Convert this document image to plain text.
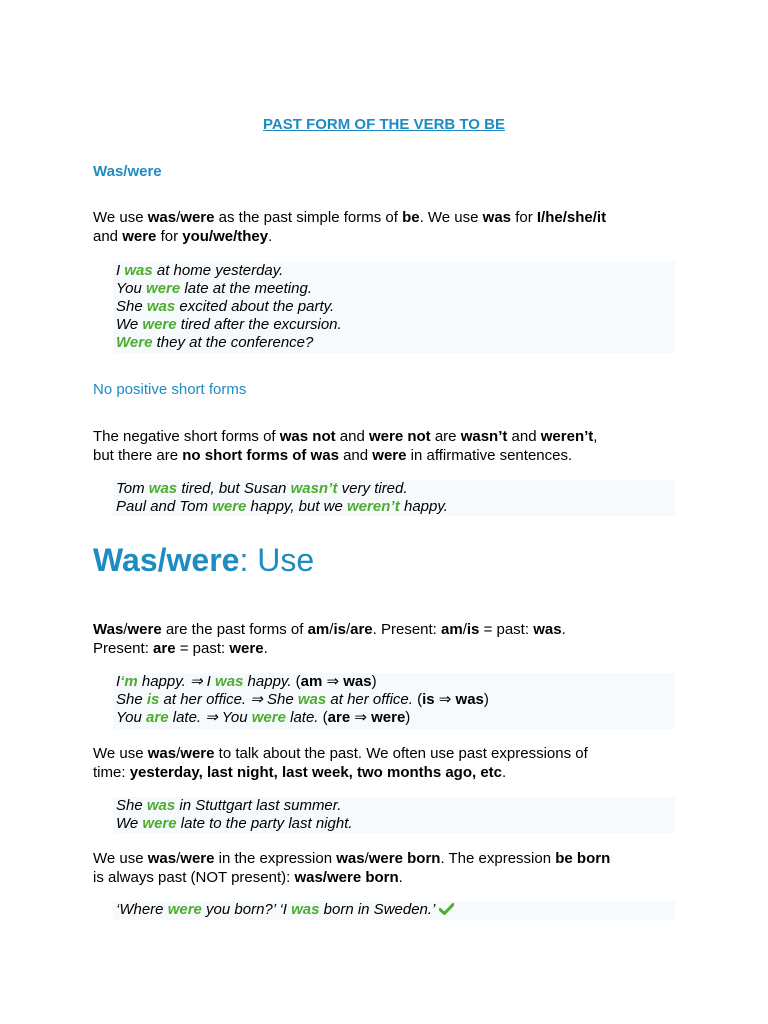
PAST FORM OF THE VERB TO BE
Was/were
We use was/were as the past simple forms of be. We use was for I/he/she/it
and were for you/we/they.
I was at home yesterday.
You were late at the meeting.
She was excited about the party.
We were tired after the excursion.
Were they at the conference?
No positive short forms
The negative short forms of was not and were not are wasn’t and weren’t,
but there are no short forms of was and were in affirmative sentences.
Tom was tired, but Susan wasn’t very tired.
Paul and Tom were happy, but we weren’t happy.
Was/were: Use
Was/were are the past forms of am/is/are. Present: am/is = past: was.
Present: are = past: were.
I‘m happy. ⇒ I was happy. (am ⇒ was)
She is at her office. ⇒ She was at her office. (is ⇒ was)
You are late. ⇒ You were late. (are ⇒ were)
We use was/were to talk about the past. We often use past expressions of
time: yesterday, last night, last week, two months ago, etc.
She was in Stuttgart last summer.
We were late to the party last night.
We use was/were in the expression was/were born. The expression be born
is always past (NOT present): was/were born.
‘Where were you born?’ ‘I was born in Sweden.’
